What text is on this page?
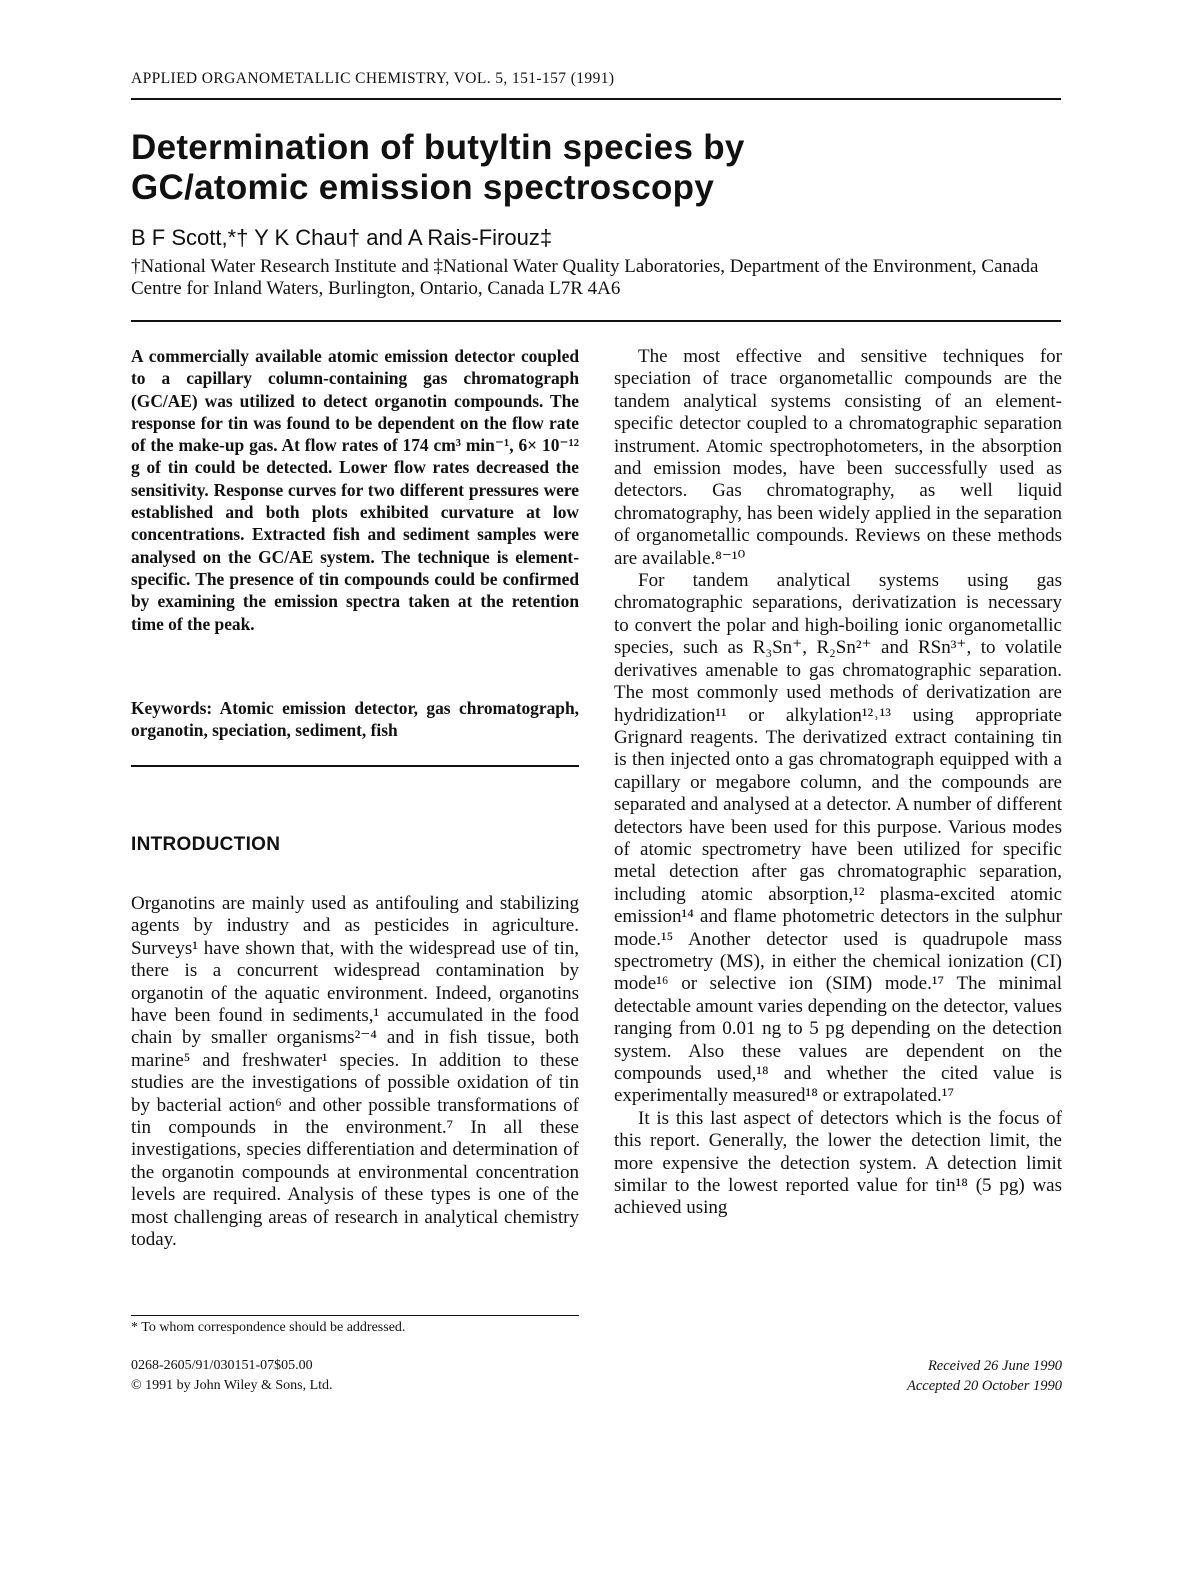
APPLIED ORGANOMETALLIC CHEMISTRY, VOL. 5, 151-157 (1991)
Determination of butyltin species by
GC/atomic emission spectroscopy
B F Scott,*† Y K Chau† and A Rais-Firouz‡
†National Water Research Institute and ‡National Water Quality Laboratories, Department of the Environment, Canada Centre for Inland Waters, Burlington, Ontario, Canada L7R 4A6

A commercially available atomic emission detector coupled to a capillary column-containing gas chromatograph (GC/AE) was utilized to detect organotin compounds. The response for tin was found to be dependent on the flow rate of the make-up gas. At flow rates of 174 cm³ min⁻¹, 6× 10⁻¹² g of tin could be detected. Lower flow rates decreased the sensitivity. Response curves for two different pressures were established and both plots exhibited curvature at low concentrations. Extracted fish and sediment samples were analysed on the GC/AE system. The technique is element-specific. The presence of tin compounds could be confirmed by examining the emission spectra taken at the retention time of the peak.

Keywords: Atomic emission detector, gas chromatograph, organotin, speciation, sediment, fish

INTRODUCTION

Organotins are mainly used as antifouling and stabilizing agents by industry and as pesticides in agriculture. Surveys¹ have shown that, with the widespread use of tin, there is a concurrent widespread contamination by organotin of the aquatic environment. Indeed, organotins have been found in sediments,¹ accumulated in the food chain by smaller organisms²⁻⁴ and in fish tissue, both marine⁵ and freshwater¹ species. In addition to these studies are the investigations of possible oxidation of tin by bacterial action⁶ and other possible transformations of tin compounds in the environment.⁷ In all these investigations, species differentiation and determination of the organotin compounds at environmental concentration levels are required. Analysis of these types is one of the most challenging areas of research in analytical chemistry today.

* To whom correspondence should be addressed.
0268-2605/91/030151-07$05.00
© 1991 by John Wiley & Sons, Ltd.

The most effective and sensitive techniques for speciation of trace organometallic compounds are the tandem analytical systems consisting of an element-specific detector coupled to a chromatographic separation instrument. Atomic spectrophotometers, in the absorption and emission modes, have been successfully used as detectors. Gas chromatography, as well liquid chromatography, has been widely applied in the separation of organometallic compounds. Reviews on these methods are available.⁸⁻¹⁰

For tandem analytical systems using gas chromatographic separations, derivatization is necessary to convert the polar and high-boiling ionic organometallic species, such as R₃Sn⁺, R₂Sn²⁺ and RSn³⁺, to volatile derivatives amenable to gas chromatographic separation. The most commonly used methods of derivatization are hydridization¹¹ or alkylation¹²˒¹³ using appropriate Grignard reagents. The derivatized extract containing tin is then injected onto a gas chromatograph equipped with a capillary or megabore column, and the compounds are separated and analysed at a detector. A number of different detectors have been used for this purpose. Various modes of atomic spectrometry have been utilized for specific metal detection after gas chromatographic separation, including atomic absorption,¹² plasma-excited atomic emission¹⁴ and flame photometric detectors in the sulphur mode.¹⁵ Another detector used is quadrupole mass spectrometry (MS), in either the chemical ionization (CI) mode¹⁶ or selective ion (SIM) mode.¹⁷ The minimal detectable amount varies depending on the detector, values ranging from 0.01 ng to 5 pg depending on the detection system. Also these values are dependent on the compounds used,¹⁸ and whether the cited value is experimentally measured¹⁸ or extrapolated.¹⁷

It is this last aspect of detectors which is the focus of this report. Generally, the lower the detection limit, the more expensive the detection system. A detection limit similar to the lowest reported value for tin¹⁸ (5 pg) was achieved using

Received 26 June 1990
Accepted 20 October 1990
